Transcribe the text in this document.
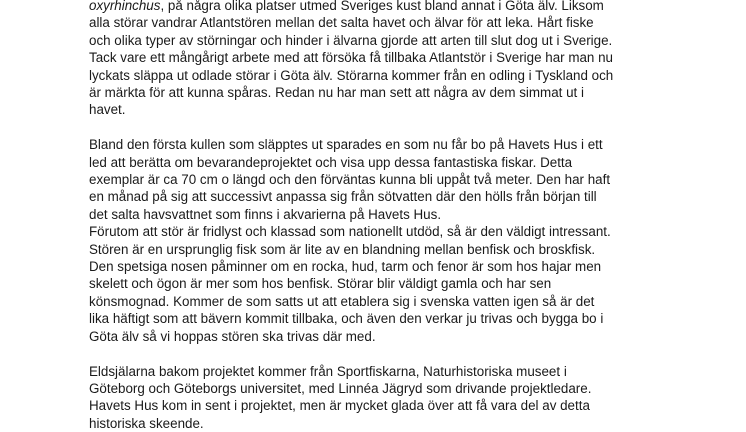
oxyrhinchus, på några olika platser utmed Sveriges kust bland annat i Göta älv. Liksom
alla störar vandrar Atlantstören mellan det salta havet och älvar för att leka. Hårt fiske
och olika typer av störningar och hinder i älvarna gjorde att arten till slut dog ut i Sverige.
Tack vare ett mångårigt arbete med att försöka få tillbaka Atlantstör i Sverige har man nu
lyckats släppa ut odlade störar i Göta älv. Störarna kommer från en odling i Tyskland och
är märkta för att kunna spåras. Redan nu har man sett att några av dem simmat ut i
havet.
Bland den första kullen som släpptes ut sparades en som nu får bo på Havets Hus i ett
led att berätta om bevarandeprojektet och visa upp dessa fantastiska fiskar. Detta
exemplar är ca 70 cm o längd och den förväntas kunna bli uppåt två meter. Den har haft
en månad på sig att successivt anpassa sig från sötvatten där den hölls från början till
det salta havsvattnet som finns i akvarierna på Havets Hus.
Förutom att stör är fridlyst och klassad som nationellt utdöd, så är den väldigt intressant.
Stören är en ursprunglig fisk som är lite av en blandning mellan benfisk och broskfisk.
Den spetsiga nosen påminner om en rocka, hud, tarm och fenor är som hos hajar men
skelett och ögon är mer som hos benfisk. Störar blir väldigt gamla och har sen
könsmognad. Kommer de som satts ut att etablera sig i svenska vatten igen så är det
lika häftigt som att bävern kommit tillbaka, och även den verkar ju trivas och bygga bo i
Göta älv så vi hoppas stören ska trivas där med.
Eldsjälarna bakom projektet kommer från Sportfiskarna, Naturhistoriska museet i
Göteborg och Göteborgs universitet, med Linnéa Jägryd som drivande projektledare.
Havets Hus kom in sent i projektet, men är mycket glada över att få vara del av detta
historiska skeende.
